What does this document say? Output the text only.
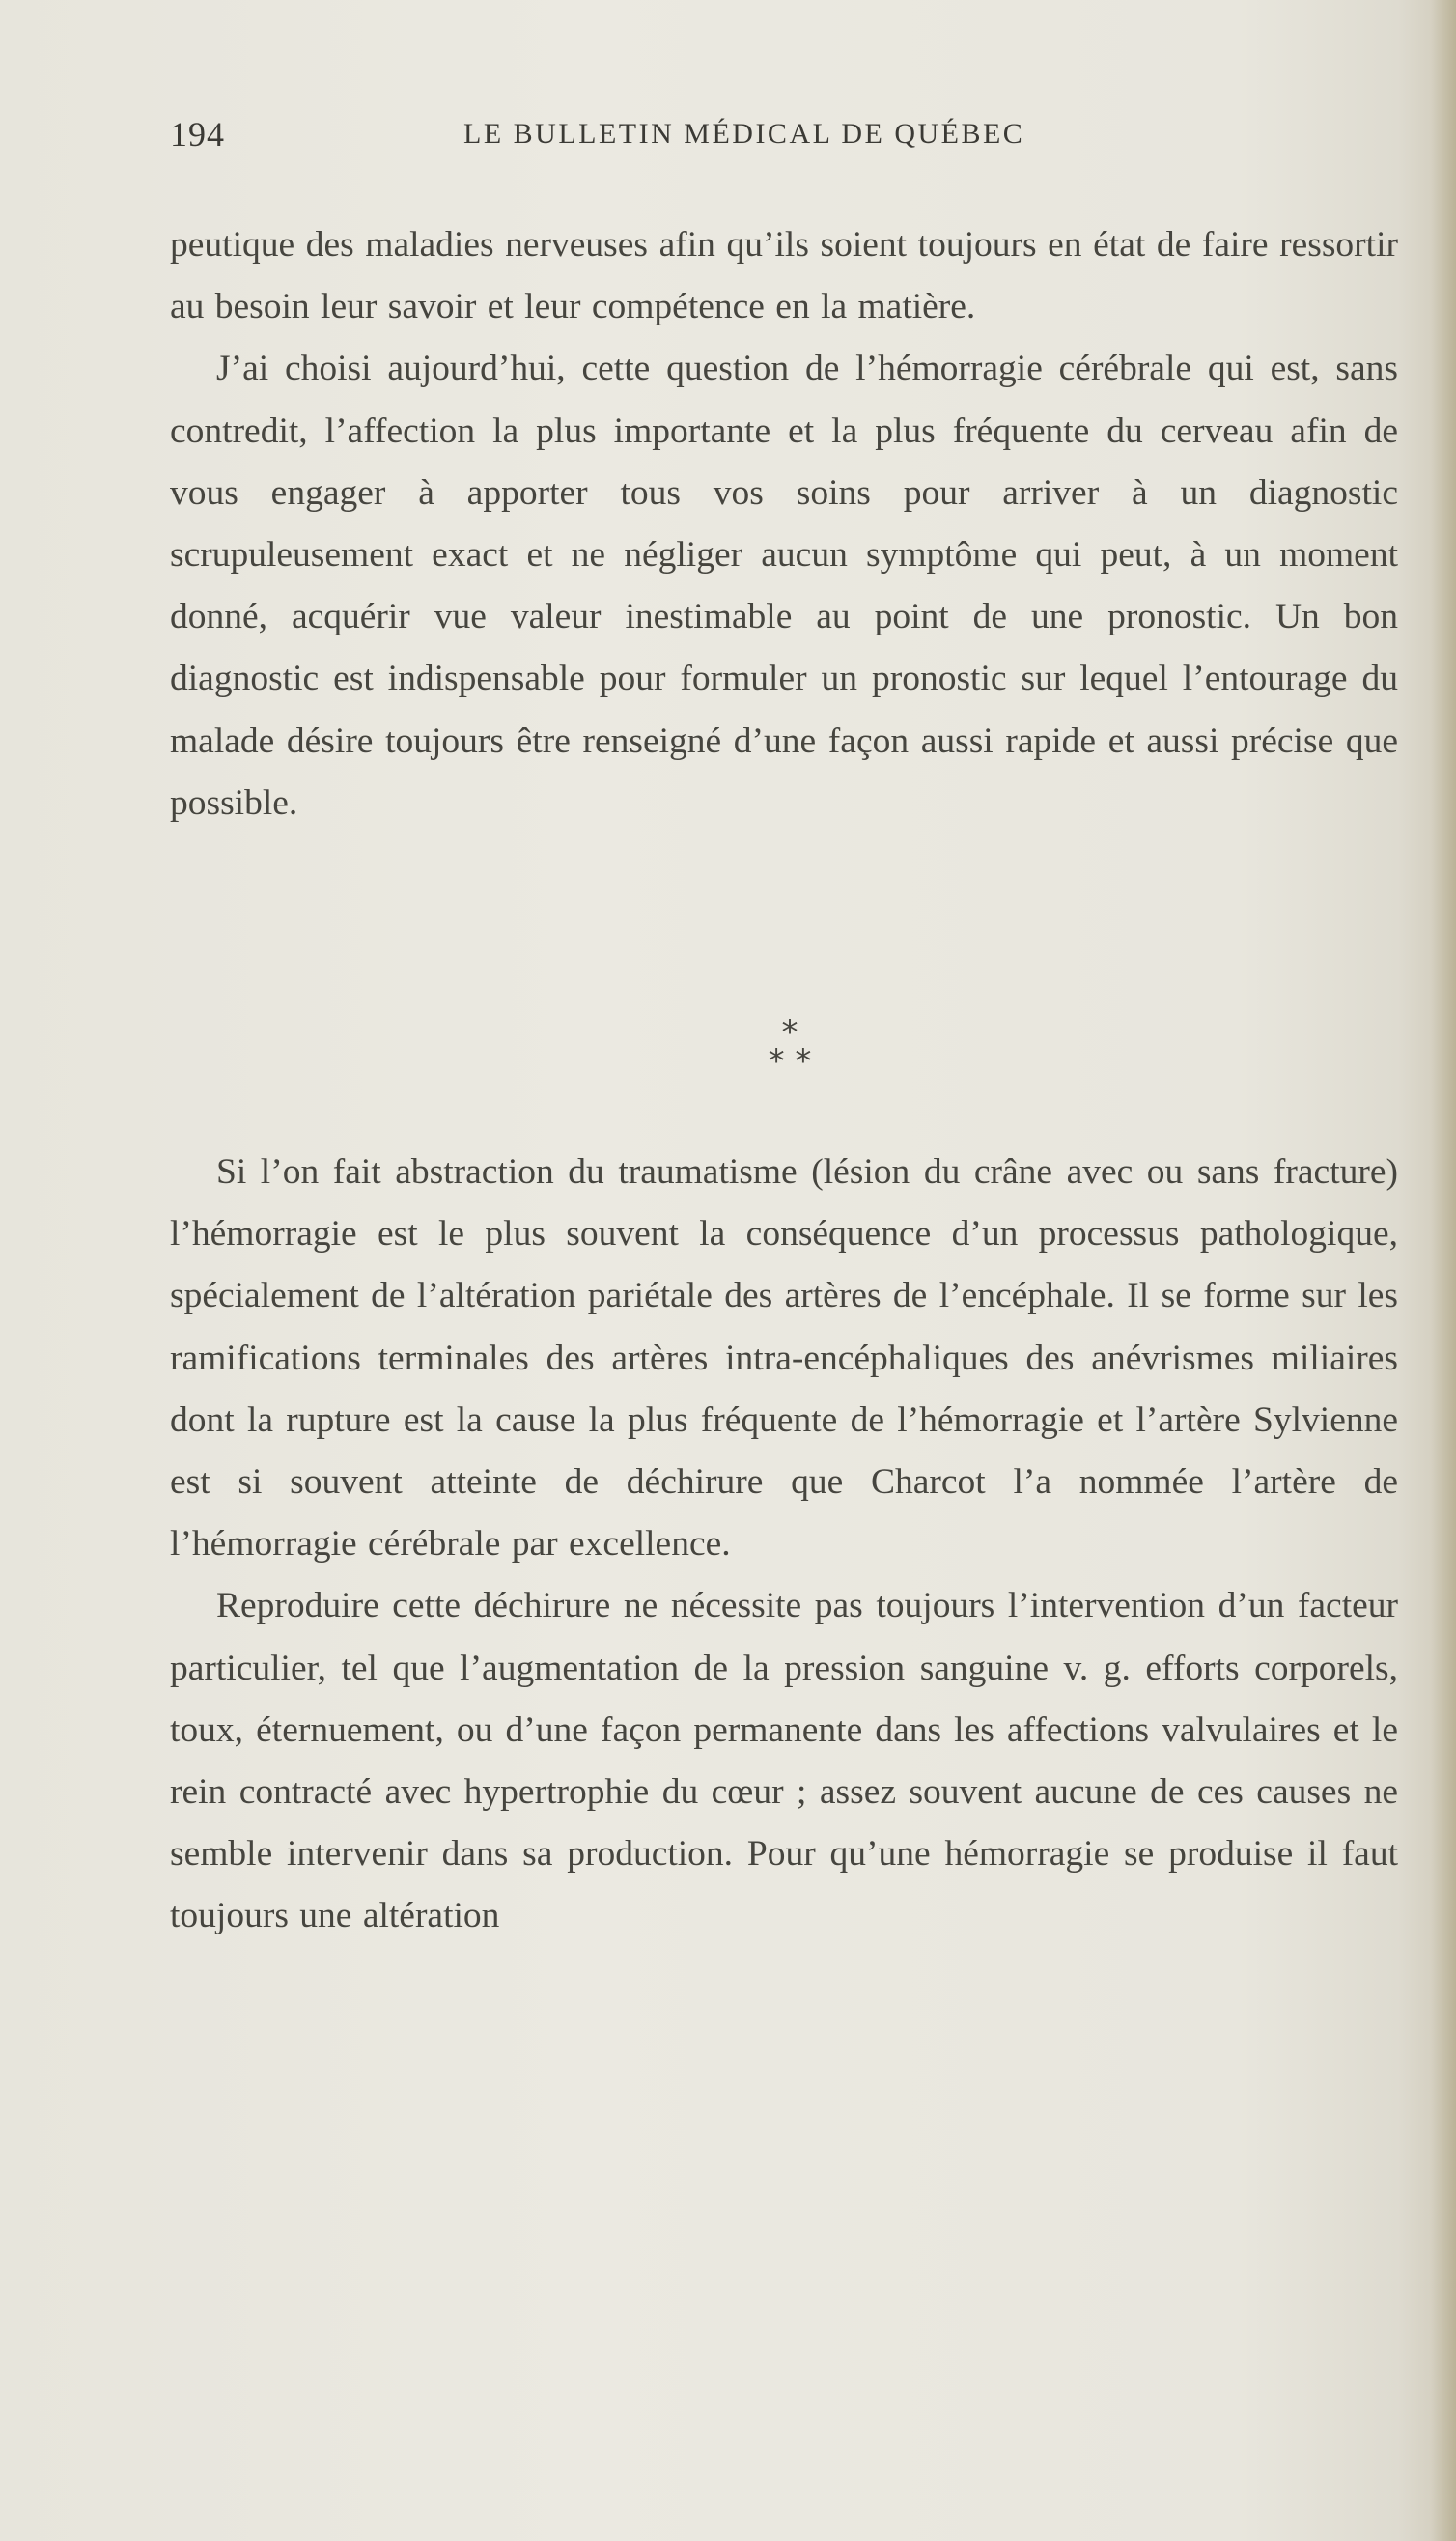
194	LE BULLETIN MÉDICAL DE QUÉBEC

peutique des maladies nerveuses afin qu’ils soient toujours en état de faire ressortir au besoin leur savoir et leur compétence en la matière.

J’ai choisi aujourd’hui, cette question de l’hémorragie cérébrale qui est, sans contredit, l’affection la plus importante et la plus fréquente du cerveau afin de vous engager à apporter tous vos soins pour arriver à un diagnostic scrupuleusement exact et ne négliger aucun symptôme qui peut, à un moment donné, acquérir vue valeur inestimable au point de une pronostic. Un bon diagnostic est indispensable pour formuler un pronostic sur lequel l’entourage du malade désire toujours être renseigné d’une façon aussi rapide et aussi précise que possible.

*
* *

Si l’on fait abstraction du traumatisme (lésion du crâne avec ou sans fracture) l’hémorragie est le plus souvent la conséquence d’un processus pathologique, spécialement de l’altération pariétale des artères de l’encéphale. Il se forme sur les ramifications terminales des artères intra-encéphaliques des anévrismes miliaires dont la rupture est la cause la plus fréquente de l’hémorragie et l’artère Sylvienne est si souvent atteinte de déchirure que Charcot l’a nommée l’artère de l’hémorragie cérébrale par excellence.

Reproduire cette déchirure ne nécessite pas toujours l’intervention d’un facteur particulier, tel que l’augmentation de la pression sanguine v. g. efforts corporels, toux, éternuement, ou d’une façon permanente dans les affections valvulaires et le rein contracté avec hypertrophie du cœur ; assez souvent aucune de ces causes ne semble intervenir dans sa production. Pour qu’une hémorragie se produise il faut toujours une altération
